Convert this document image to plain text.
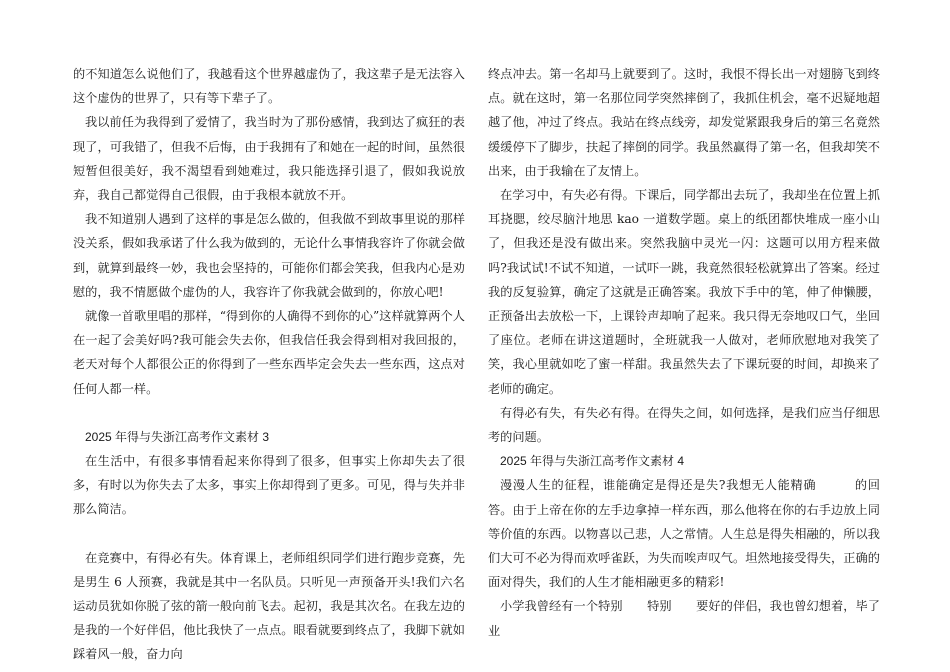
的不知道怎么说他们了，我越看这个世界越虚伪了，我这辈子是无法容入这个虚伪的世界了，只有等下辈子了。

我以前任为我得到了爱情了，我当时为了那份感情，我到达了疯狂的表现了，可我错了，但我不后悔，由于我拥有了和她在一起的时间，虽然很短暂但很美好，我不渴望看到她难过，我只能选择引退了，假如我说放弃，我自己都觉得自己很假，由于我根本就放不开。

我不知道别人遇到了这样的事是怎么做的，但我做不到故事里说的那样没关系，假如我承诺了什么我为做到的，无论什么事情我容许了你就会做到，就算到最终一妙，我也会坚持的，可能你们都会笑我，但我内心是劝慰的，我不情愿做个虚伪的人，我容许了你我就会做到的，你放心吧!

就像一首歌里唱的那样，“得到你的人确得不到你的心”这样就算两个人在一起了会美好吗?我可能会失去你，但我信任我会得到相对我回报的，老天对每个人都很公正的你得到了一些东西毕定会失去一些东西，这点对任何人都一样。

2025 年得与失浙江高考作文素材 3

在生活中，有很多事情看起来你得到了很多，但事实上你却失去了很多，有时以为你失去了太多，事实上你却得到了更多。可见，得与失并非那么简洁。

在竞赛中，有得必有失。体育课上，老师组织同学们进行跑步竞赛，先是男生 6 人预赛，我就是其中一名队员。只听见一声预备开头!我们六名运动员犹如你脱了弦的箭一般向前飞去。起初，我是其次名。在我左边的是我的一个好伴侣，他比我快了一点点。眼看就要到终点了，我脚下就如踩着风一般，奋力向

终点冲去。第一名却马上就要到了。这时，我恨不得长出一对翅膀飞到终点。就在这时，第一名那位同学突然摔倒了，我抓住机会，毫不迟疑地超越了他，冲过了终点。我站在终点线旁，却发觉紧跟我身后的第三名竟然缓缓停下了脚步，扶起了摔倒的同学。我虽然赢得了第一名，但我却笑不出来，由于我输在了友情上。

在学习中，有失必有得。下课后，同学都出去玩了，我却坐在位置上抓耳挠腮，绞尽脑汁地思 kao 一道数学题。桌上的纸团都快堆成一座小山了，但我还是没有做出来。突然我脑中灵光一闪：这题可以用方程来做吗?我试试!不试不知道，一试吓一跳，我竟然很轻松就算出了答案。经过我的反复验算，确定了这就是正确答案。我放下手中的笔，伸了伸懒腰，正预备出去放松一下，上课铃声却响了起来。我只得无奈地叹口气，坐回了座位。老师在讲这道题时，全班就我一人做对，老师欣慰地对我笑了笑，我心里就如吃了蜜一样甜。我虽然失去了下课玩耍的时间，却换来了老师的确定。

有得必有失，有失必有得。在得失之间，如何选择，是我们应当仔细思考的问题。

2025 年得与失浙江高考作文素材 4

漫漫人生的征程，谁能确定是得还是失?我想无人能精确　　　的回答。由于上帝在你的左手边拿掉一样东西，那么他将在你的右手边放上同等价值的东西。以物喜以己悲，人之常情。人生总是得失相融的，所以我们大可不必为得而欢呼雀跃，为失而唉声叹气。坦然地接受得失，正确的面对得失，我们的人生才能相融更多的精彩!

小学我曾经有一个特别　　特别　　要好的伴侣，我也曾幻想着，毕了业
